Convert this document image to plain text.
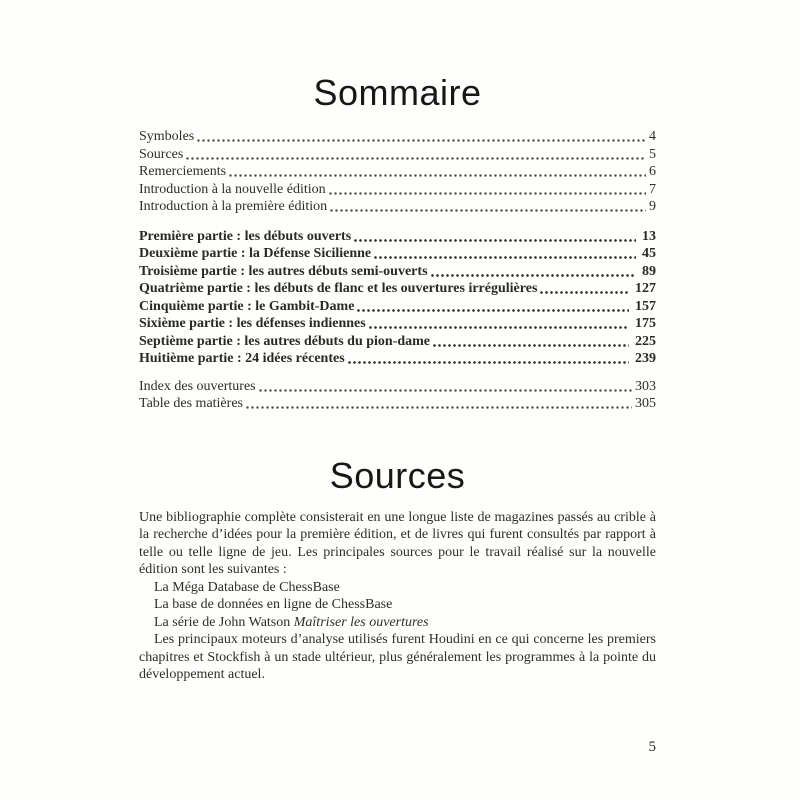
Sommaire
Symboles	4
Sources	5
Remerciements	6
Introduction à la nouvelle édition	7
Introduction à la première édition	9
Première partie : les débuts ouverts	13
Deuxième partie : la Défense Sicilienne	45
Troisième partie : les autres débuts semi-ouverts	89
Quatrième partie : les débuts de flanc et les ouvertures irrégulières	127
Cinquième partie : le Gambit-Dame	157
Sixième partie : les défenses indiennes	175
Septième partie : les autres débuts du pion-dame	225
Huitième partie : 24 idées récentes	239
Index des ouvertures	303
Table des matières	305
Sources

Une bibliographie complète consisterait en une longue liste de magazines passés au crible à la recherche d’idées pour la première édition, et de livres qui furent consultés par rapport à telle ou telle ligne de jeu. Les principales sources pour le travail réalisé sur la nouvelle édition sont les suivantes :

La Méga Database de ChessBase
La base de données en ligne de ChessBase
La série de John Watson Maîtriser les ouvertures

Les principaux moteurs d’analyse utilisés furent Houdini en ce qui concerne les premiers chapitres et Stockfish à un stade ultérieur, plus généralement les programmes à la pointe du développement actuel.

5
